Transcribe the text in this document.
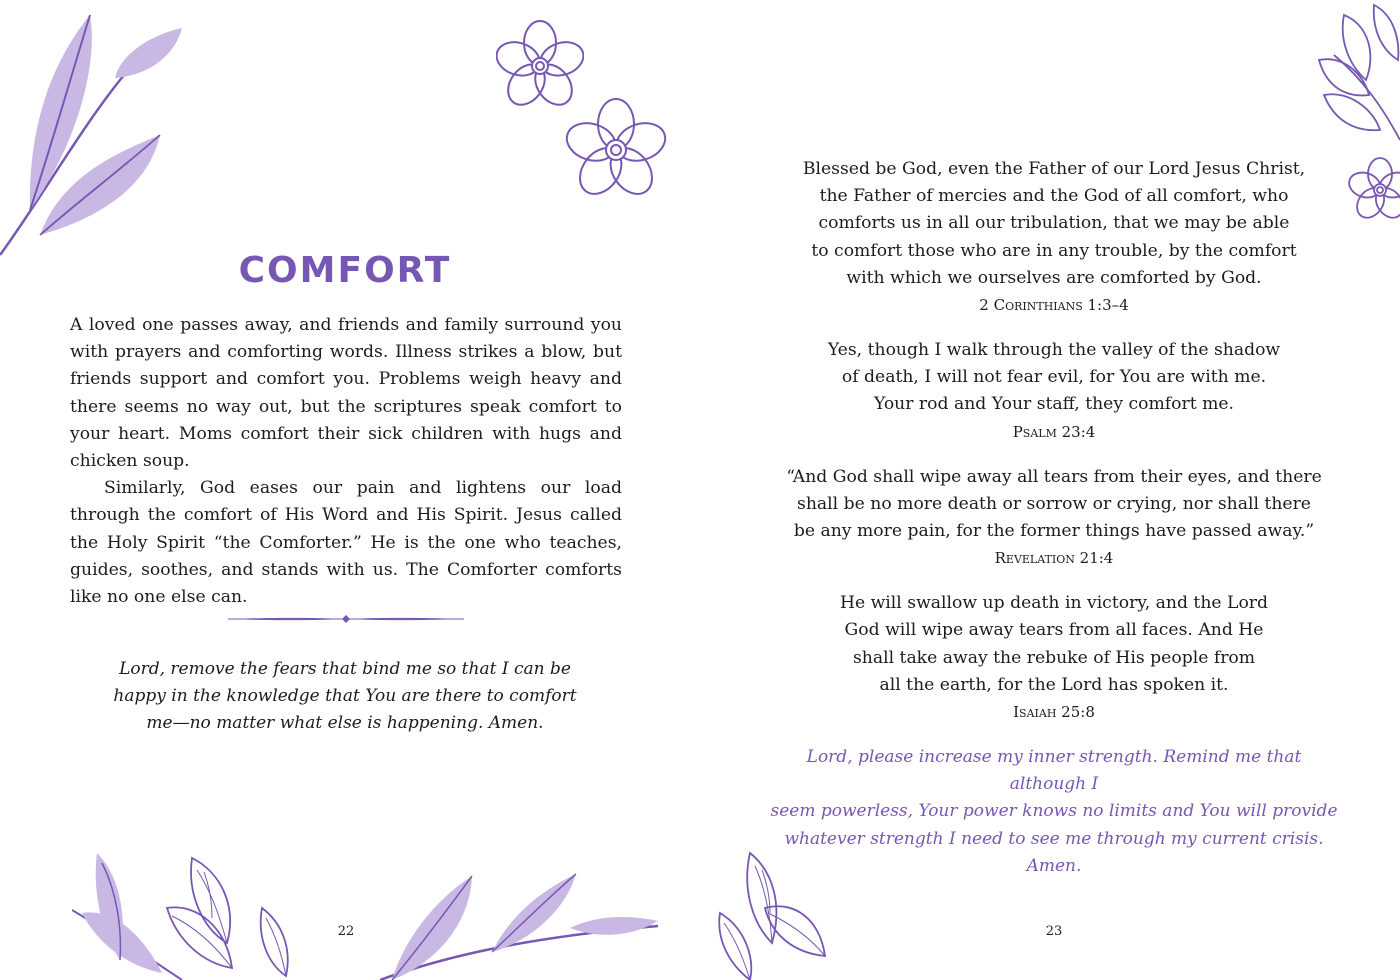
COMFORT

A loved one passes away, and friends and family surround you with prayers and comforting words. Illness strikes a blow, but friends support and comfort you. Problems weigh heavy and there seems no way out, but the scriptures speak comfort to your heart. Moms comfort their sick children with hugs and chicken soup.

Similarly, God eases our pain and lightens our load through the comfort of His Word and His Spirit. Jesus called the Holy Spirit “the Comforter.” He is the one who teaches, guides, soothes, and stands with us. The Comforter comforts like no one else can.

Lord, remove the fears that bind me so that I can be happy in the knowledge that You are there to comfort me—no matter what else is happening. Amen.
22
Blessed be God, even the Father of our Lord Jesus Christ,
the Father of mercies and the God of all comfort, who
comforts us in all our tribulation, that we may be able
to comfort those who are in any trouble, by the comfort
with which we ourselves are comforted by God.
2 Corinthians 1:3–4
Yes, though I walk through the valley of the shadow
of death, I will not fear evil, for You are with me.
Your rod and Your staff, they comfort me.
Psalm 23:4
“And God shall wipe away all tears from their eyes, and there
shall be no more death or sorrow or crying, nor shall there
be any more pain, for the former things have passed away.”
Revelation 21:4
He will swallow up death in victory, and the Lord
God will wipe away tears from all faces. And He
shall take away the rebuke of His people from
all the earth, for the Lord has spoken it.
Isaiah 25:8
Lord, please increase my inner strength. Remind me that although I
seem powerless, Your power knows no limits and You will provide
whatever strength I need to see me through my current crisis. Amen.
23
